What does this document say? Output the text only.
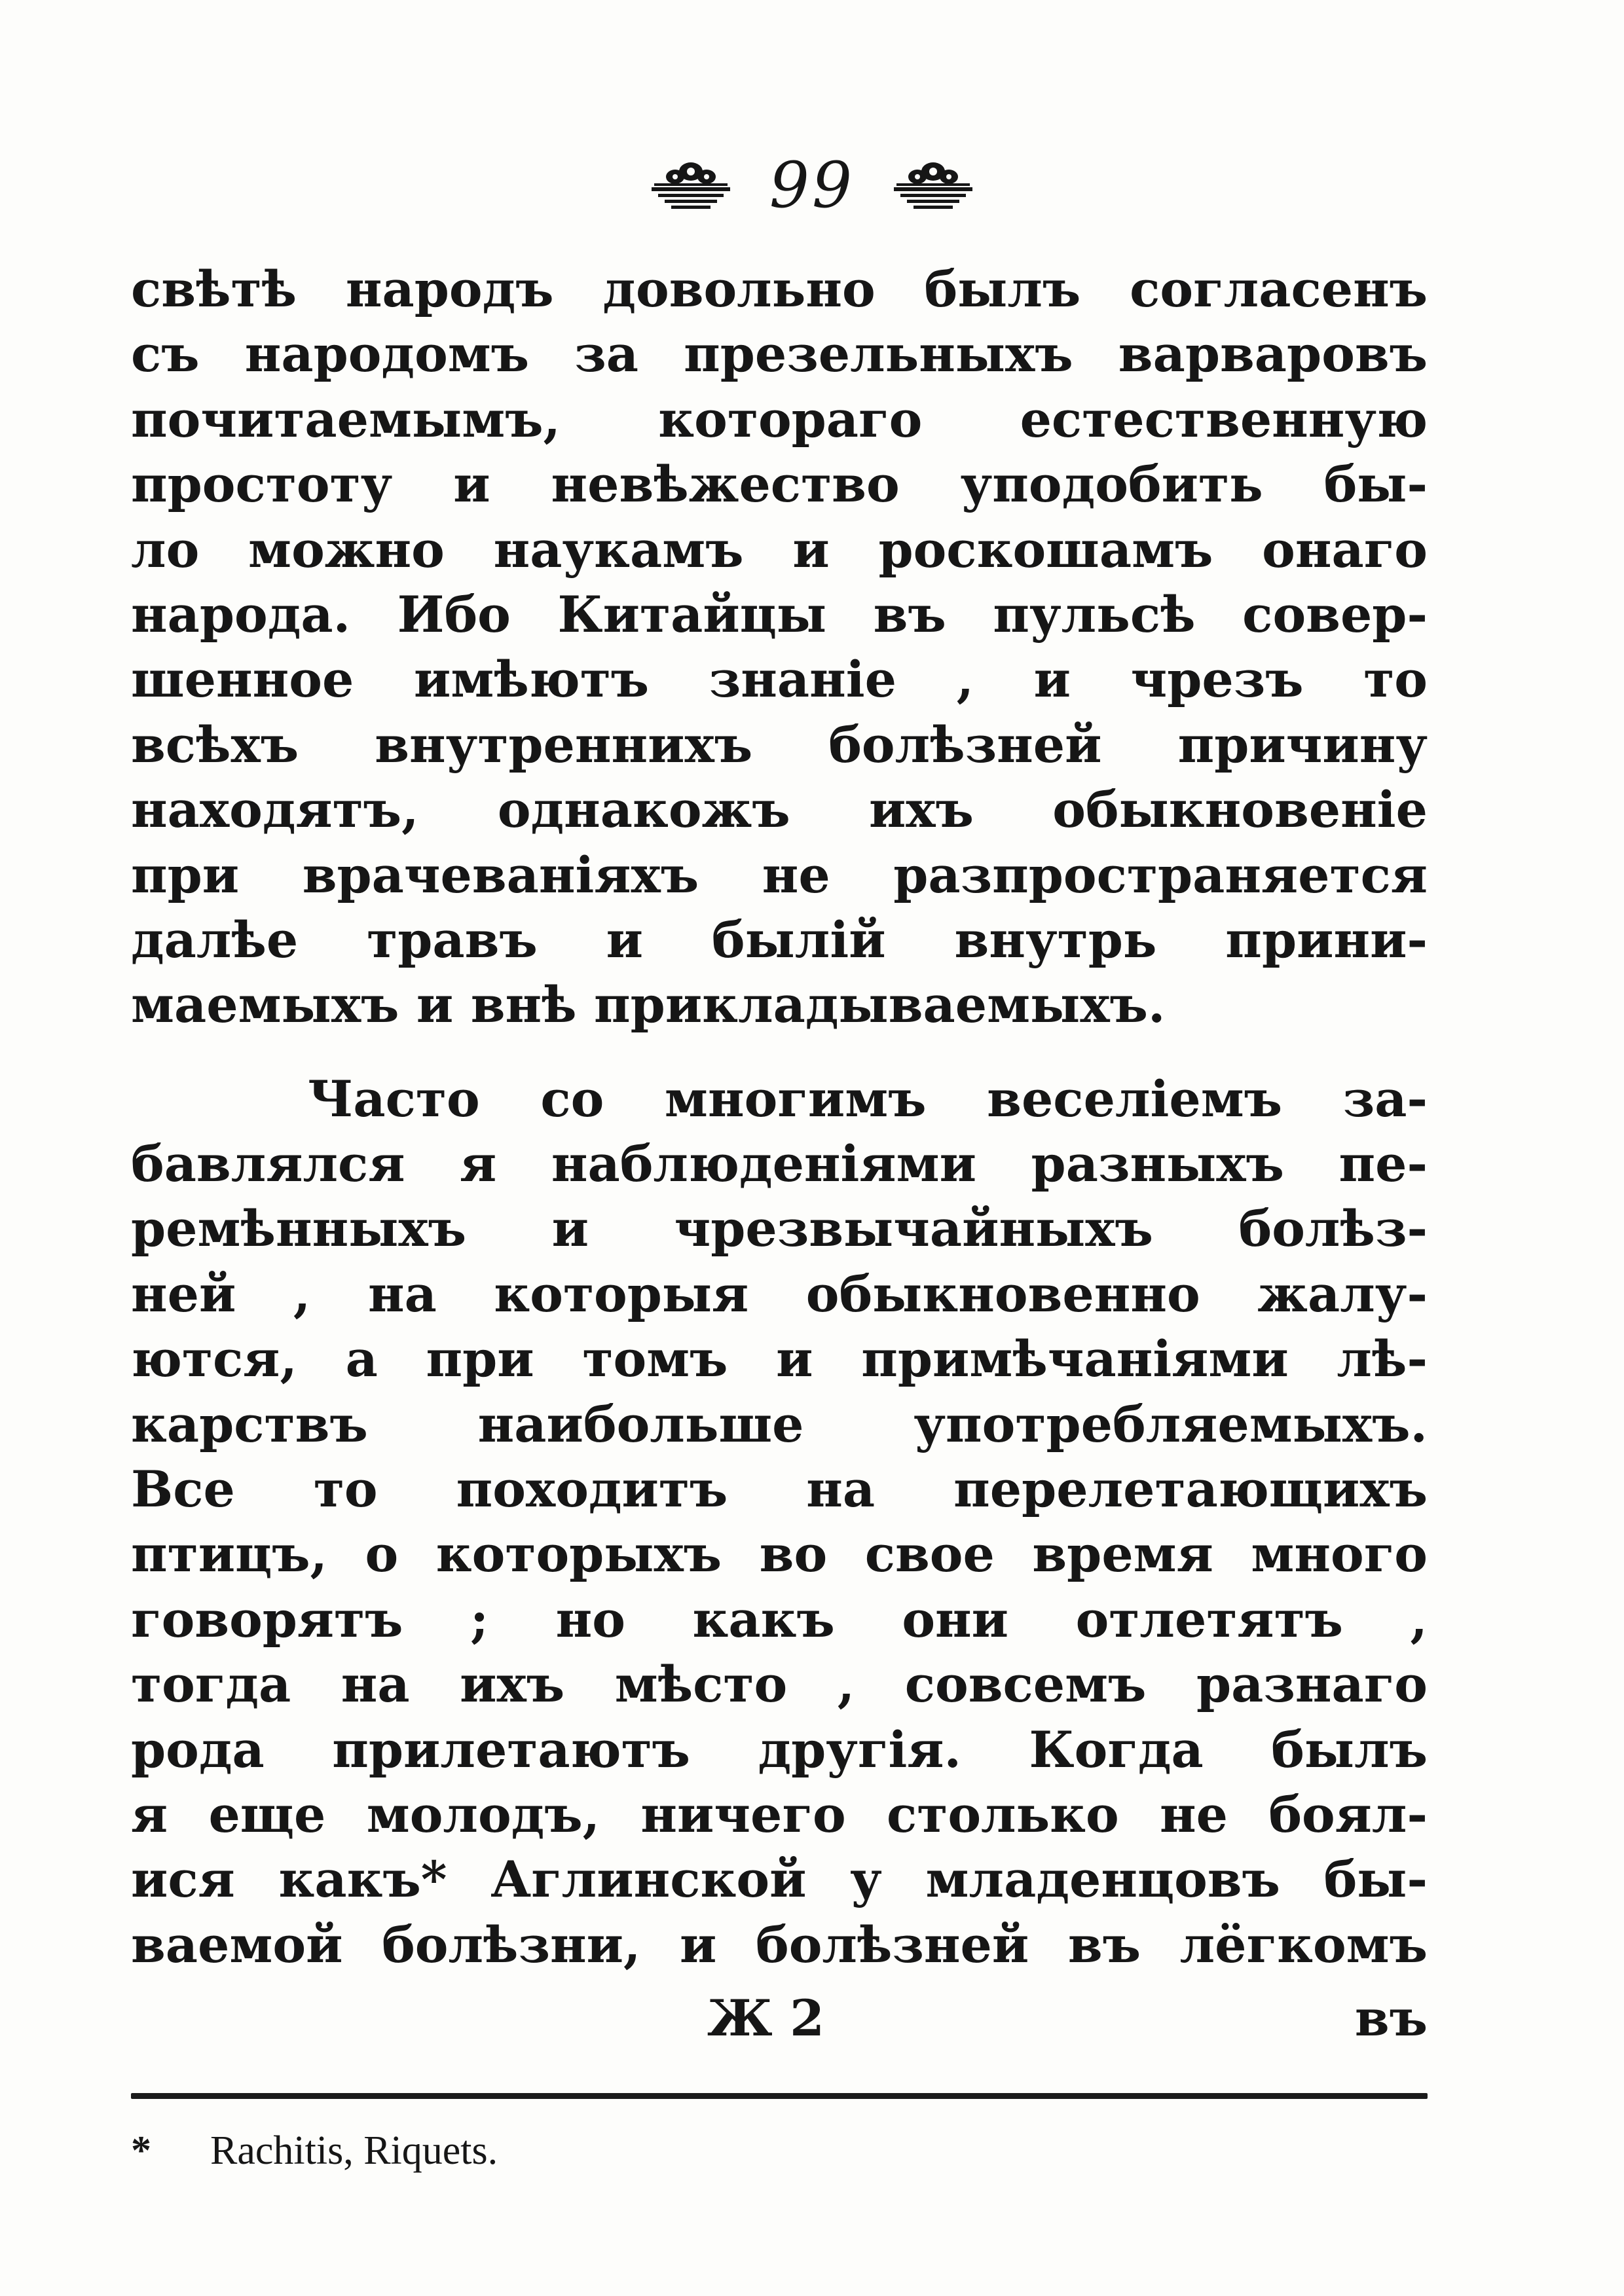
99
свѣтѣ народъ довольно былъ согласенъ
съ народомъ за презельныхъ варваровъ
почитаемымъ, котораго естественную
простоту и невѣжество уподобить бы-
ло можно наукамъ и роскошамъ онаго
народа. Ибо Китайцы въ пульсѣ совер-
шенное имѣютъ знанie , и чрезъ то
всѣхъ внутреннихъ болѣзней причину
находятъ, однакожъ ихъ обыкновенie
при врачеванiяхъ не разпространяется
далѣе травъ и былiй внутрь прини-
маемыхъ и внѣ прикладываемыхъ.
Часто со многимъ веселiемъ за-
бавлялся я наблюденiями разныхъ пе-
ремѣнныхъ и чрезвычайныхъ болѣз-
ней , на которыя обыкновенно жалу-
ются, а при томъ и примѣчанiями лѣ-
карствъ наибольше употребляемыхъ.
Все то походитъ на перелетающихъ
птицъ, о которыхъ во свое время много
говорятъ ; но какъ они отлетятъ ,
тогда на ихъ мѣсто , совсемъ разнаго
рода прилетаютъ другiя. Когда былъ
я еще молодъ, ничего столько не боял-
ися какъ* Аглинской у младенцовъ бы-
ваемой болѣзни, и болѣзней въ лёгкомъ
Ж 2	въ
* Rachitis, Riquets.
